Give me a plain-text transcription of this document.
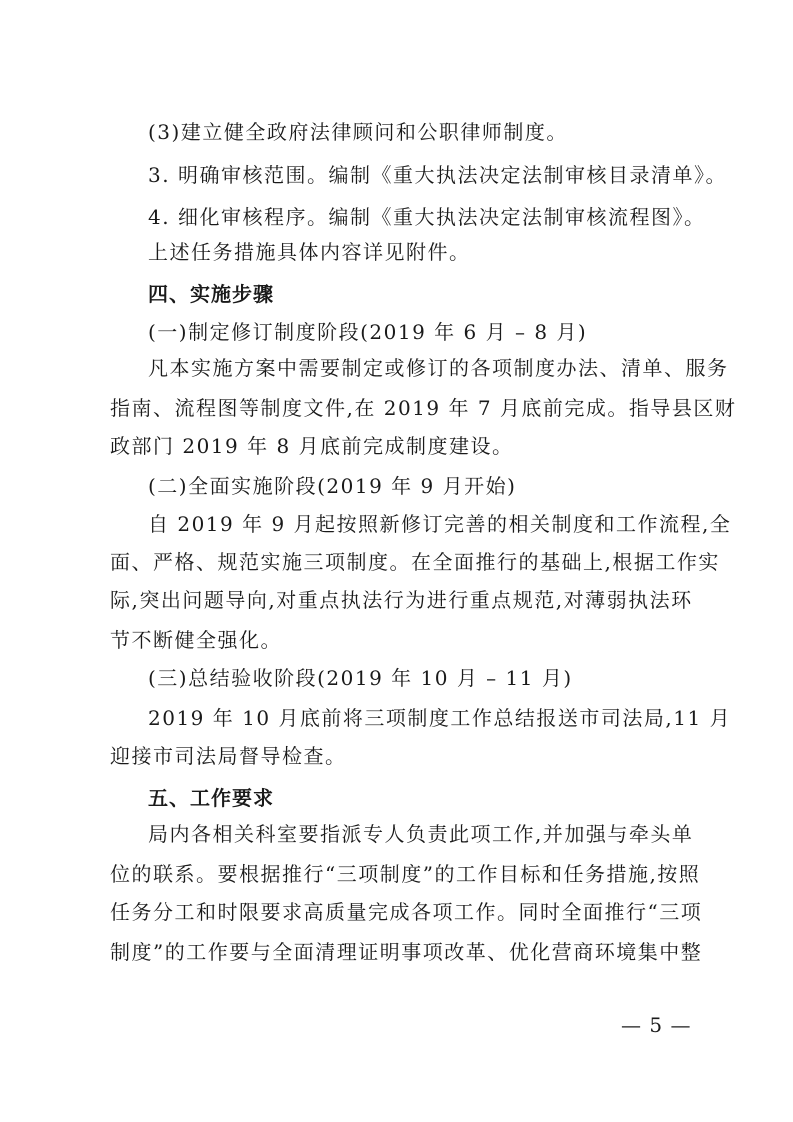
(3)建立健全政府法律顾问和公职律师制度。
3. 明确审核范围。编制《重大执法决定法制审核目录清单》。
4. 细化审核程序。编制《重大执法决定法制审核流程图》。
上述任务措施具体内容详见附件。
四、实施步骤
(一)制定修订制度阶段(2019 年 6 月 – 8 月)
凡本实施方案中需要制定或修订的各项制度办法、清单、服务
指南、流程图等制度文件,在 2019 年 7 月底前完成。指导县区财
政部门 2019 年 8 月底前完成制度建设。
(二)全面实施阶段(2019 年 9 月开始)
自 2019 年 9 月起按照新修订完善的相关制度和工作流程,全
面、严格、规范实施三项制度。在全面推行的基础上,根据工作实
际,突出问题导向,对重点执法行为进行重点规范,对薄弱执法环
节不断健全强化。
(三)总结验收阶段(2019 年 10 月 – 11 月)
2019 年 10 月底前将三项制度工作总结报送市司法局,11 月
迎接市司法局督导检查。
五、工作要求
局内各相关科室要指派专人负责此项工作,并加强与牵头单
位的联系。要根据推行“三项制度”的工作目标和任务措施,按照
任务分工和时限要求高质量完成各项工作。同时全面推行“三项
制度”的工作要与全面清理证明事项改革、优化营商环境集中整
— 5 —
